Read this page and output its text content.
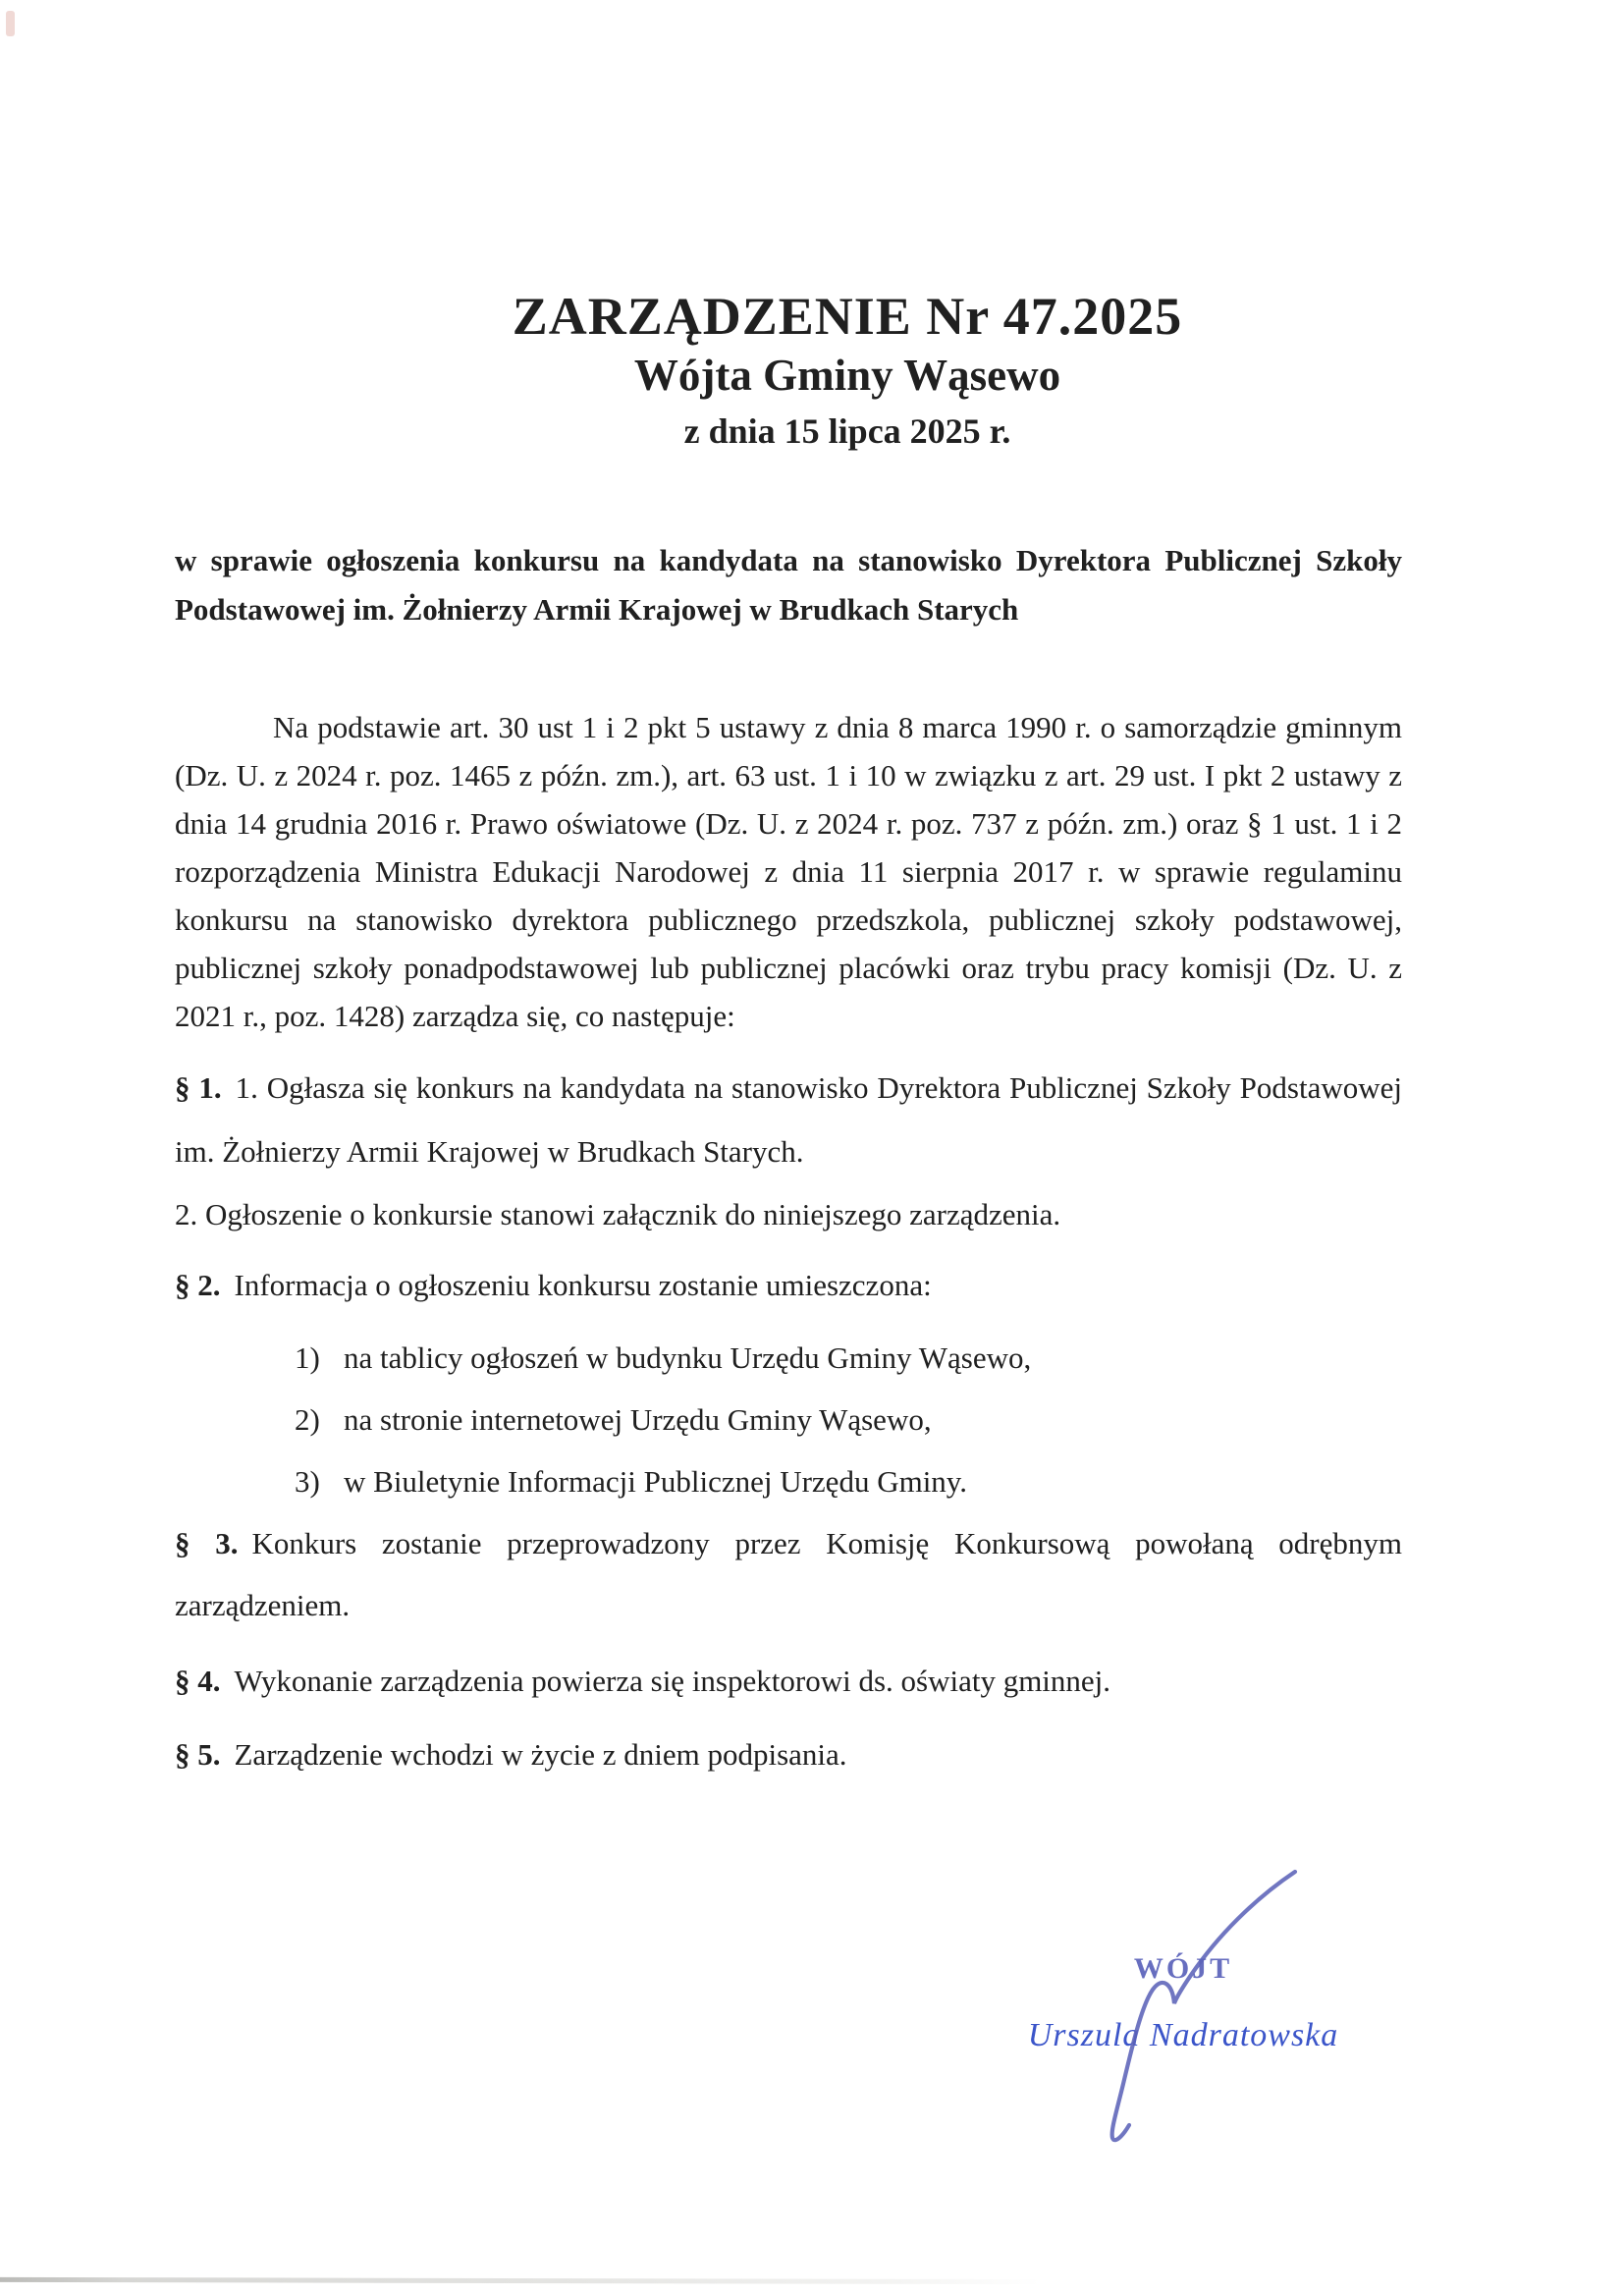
ZARZĄDZENIE Nr 47.2025
Wójta Gminy Wąsewo
z dnia 15 lipca 2025 r.

w sprawie ogłoszenia konkursu na kandydata na stanowisko Dyrektora Publicznej Szkoły Podstawowej im. Żołnierzy Armii Krajowej w Brudkach Starych

Na podstawie art. 30 ust 1 i 2 pkt 5 ustawy z dnia 8 marca 1990 r. o samorządzie gminnym (Dz. U. z 2024 r. poz. 1465 z późn. zm.), art. 63 ust. 1 i 10 w związku z art. 29 ust. I pkt 2 ustawy z dnia 14 grudnia 2016 r. Prawo oświatowe (Dz. U. z 2024 r. poz. 737 z późn. zm.) oraz § 1 ust. 1 i 2 rozporządzenia Ministra Edukacji Narodowej z dnia 11 sierpnia 2017 r. w sprawie regulaminu konkursu na stanowisko dyrektora publicznego przedszkola, publicznej szkoły podstawowej, publicznej szkoły ponadpodstawowej lub publicznej placówki oraz trybu pracy komisji (Dz. U. z 2021 r., poz. 1428) zarządza się, co następuje:

§ 1. 1. Ogłasza się konkurs na kandydata na stanowisko Dyrektora Publicznej Szkoły Podstawowej im. Żołnierzy Armii Krajowej w Brudkach Starych.

2. Ogłoszenie o konkursie stanowi załącznik do niniejszego zarządzenia.

§ 2. Informacja o ogłoszeniu konkursu zostanie umieszczona:

1) na tablicy ogłoszeń w budynku Urzędu Gminy Wąsewo,
2) na stronie internetowej Urzędu Gminy Wąsewo,
3) w Biuletynie Informacji Publicznej Urzędu Gminy.

§ 3. Konkurs zostanie przeprowadzony przez Komisję Konkursową powołaną odrębnym zarządzeniem.

§ 4. Wykonanie zarządzenia powierza się inspektorowi ds. oświaty gminnej.

§ 5. Zarządzenie wchodzi w życie z dniem podpisania.

WÓJT
Urszula Nadratowska
